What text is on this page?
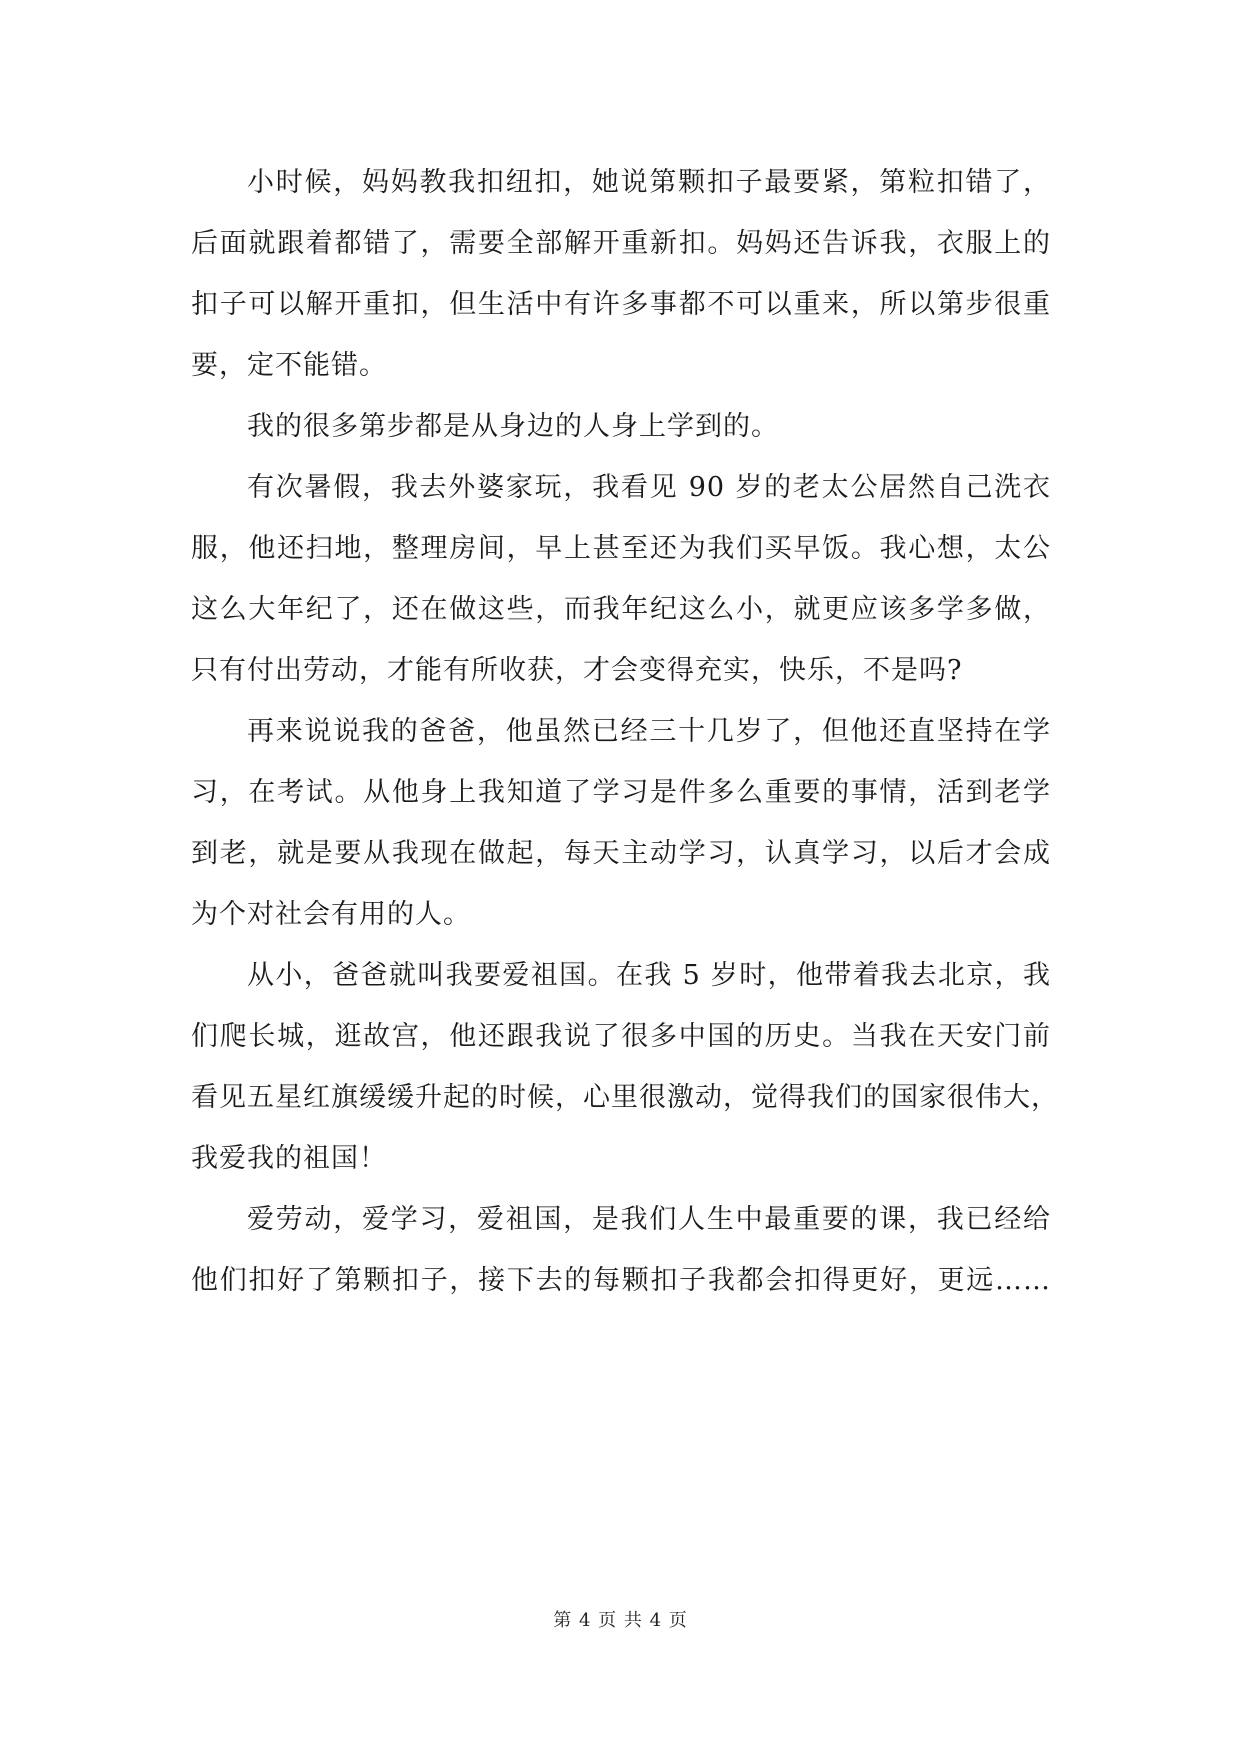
小时候，妈妈教我扣纽扣，她说第颗扣子最要紧，第粒扣错了，
后面就跟着都错了，需要全部解开重新扣。妈妈还告诉我，衣服上的
扣子可以解开重扣，但生活中有许多事都不可以重来，所以第步很重
要，定不能错。
我的很多第步都是从身边的人身上学到的。
有次暑假，我去外婆家玩，我看见 90 岁的老太公居然自己洗衣
服，他还扫地，整理房间，早上甚至还为我们买早饭。我心想，太公
这么大年纪了，还在做这些，而我年纪这么小，就更应该多学多做，
只有付出劳动，才能有所收获，才会变得充实，快乐，不是吗?
再来说说我的爸爸，他虽然已经三十几岁了，但他还直坚持在学
习，在考试。从他身上我知道了学习是件多么重要的事情，活到老学
到老，就是要从我现在做起，每天主动学习，认真学习，以后才会成
为个对社会有用的人。
从小，爸爸就叫我要爱祖国。在我 5 岁时，他带着我去北京，我
们爬长城，逛故宫，他还跟我说了很多中国的历史。当我在天安门前
看见五星红旗缓缓升起的时候，心里很激动，觉得我们的国家很伟大，
我爱我的祖国！
爱劳动，爱学习，爱祖国，是我们人生中最重要的课，我已经给
他们扣好了第颗扣子，接下去的每颗扣子我都会扣得更好，更远……
第 4 页 共 4 页
